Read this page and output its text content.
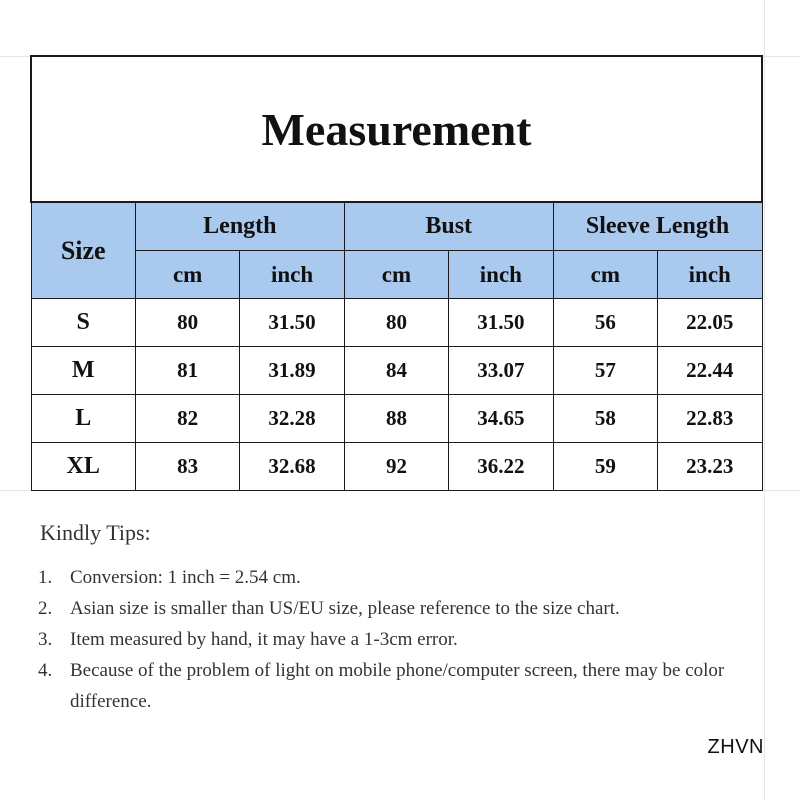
Measurement						
Size	Length		Bust		Sleeve Length	
	cm	inch	cm	inch	cm	inch
S	80	31.50	80	31.50	56	22.05
M	81	31.89	84	33.07	57	22.44
L	82	32.28	88	34.65	58	22.83
XL	83	32.68	92	36.22	59	23.23
Kindly Tips:
1. Conversion: 1 inch = 2.54 cm.
2. Asian size is smaller than US/EU size, please reference to the size chart.
3. Item measured by hand, it may have a 1-3cm error.
4. Because of the problem of light on mobile phone/computer screen, there may be color difference.
ZHVN
